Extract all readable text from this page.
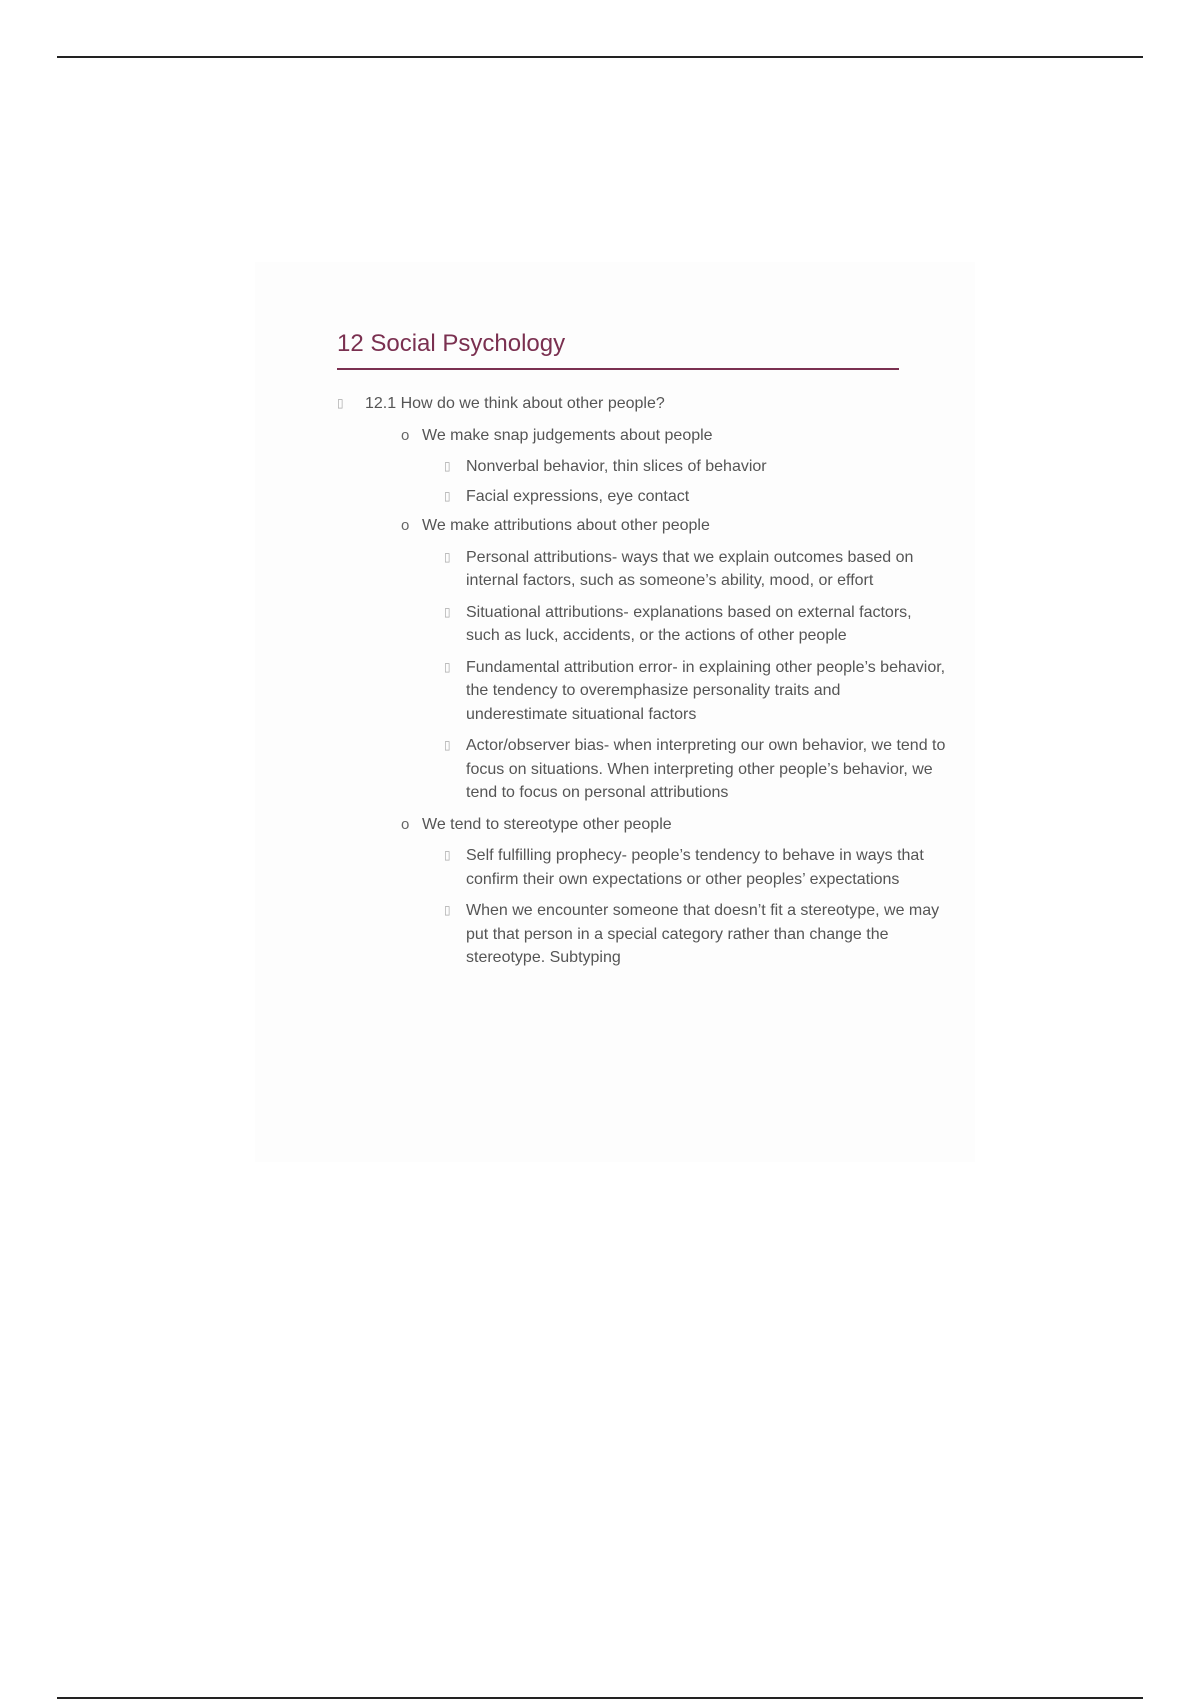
12 Social Psychology
▯ 12.1 How do we think about other people?
o We make snap judgements about people
▯ Nonverbal behavior, thin slices of behavior
▯ Facial expressions, eye contact
o We make attributions about other people
▯ Personal attributions- ways that we explain outcomes based on internal factors, such as someone’s ability, mood, or effort
▯ Situational attributions- explanations based on external factors, such as luck, accidents, or the actions of other people
▯ Fundamental attribution error- in explaining other people’s behavior, the tendency to overemphasize personality traits and underestimate situational factors
▯ Actor/observer bias- when interpreting our own behavior, we tend to focus on situations. When interpreting other people’s behavior, we tend to focus on personal attributions
o We tend to stereotype other people
▯ Self fulfilling prophecy- people’s tendency to behave in ways that confirm their own expectations or other peoples’ expectations
▯ When we encounter someone that doesn’t fit a stereotype, we may put that person in a special category rather than change the stereotype. Subtyping
